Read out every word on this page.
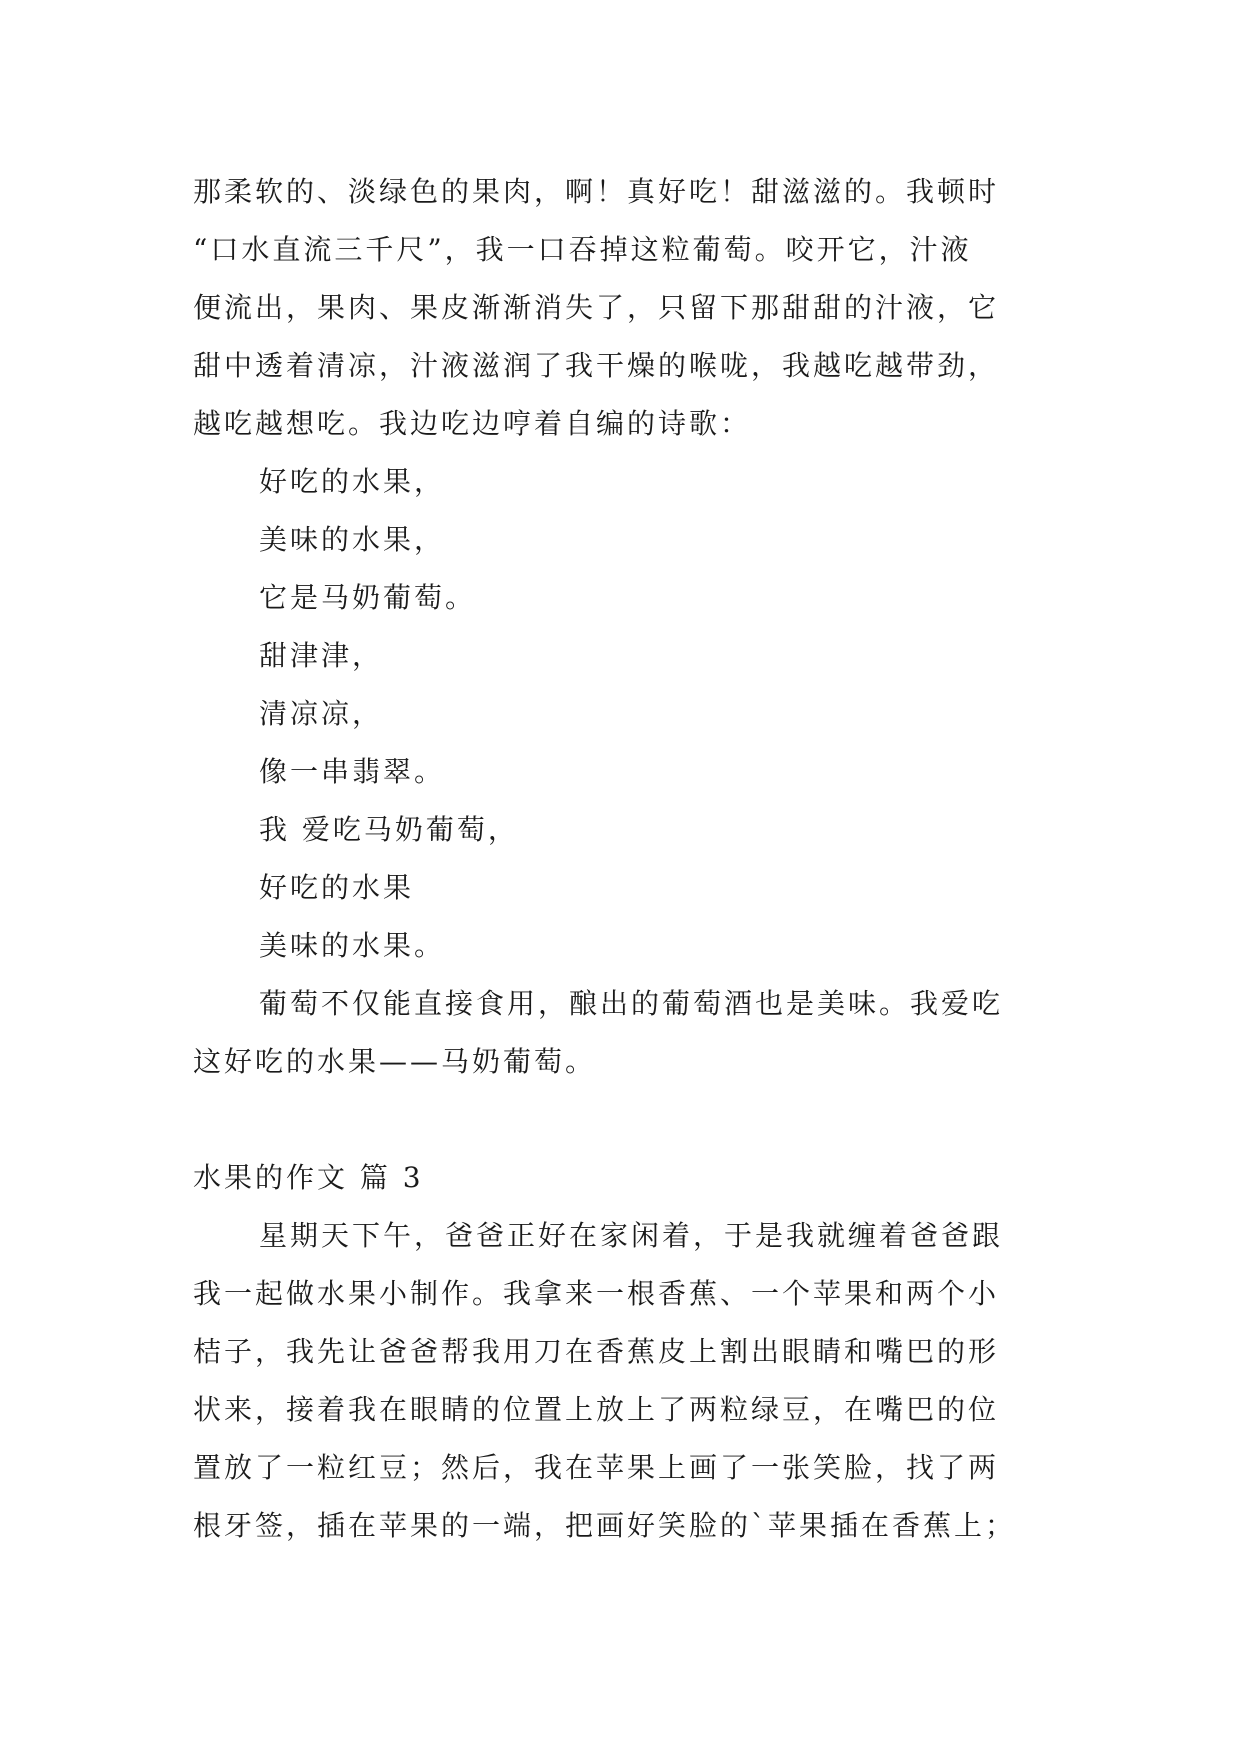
那柔软的、淡绿色的果肉，啊！真好吃！甜滋滋的。我顿时
“口水直流三千尺”，我一口吞掉这粒葡萄。咬开它，汁液
便流出，果肉、果皮渐渐消失了，只留下那甜甜的汁液，它
甜中透着清凉，汁液滋润了我干燥的喉咙，我越吃越带劲，
越吃越想吃。我边吃边哼着自编的诗歌：
好吃的水果，
美味的水果，
它是马奶葡萄。
甜津津，
清凉凉，
像一串翡翠。
我 爱吃马奶葡萄，
好吃的水果
美味的水果。
葡萄不仅能直接食用，酿出的葡萄酒也是美味。我爱吃
这好吃的水果——马奶葡萄。
水果的作文 篇 3
星期天下午，爸爸正好在家闲着，于是我就缠着爸爸跟
我一起做水果小制作。我拿来一根香蕉、一个苹果和两个小
桔子，我先让爸爸帮我用刀在香蕉皮上割出眼睛和嘴巴的形
状来，接着我在眼睛的位置上放上了两粒绿豆，在嘴巴的位
置放了一粒红豆；然后，我在苹果上画了一张笑脸，找了两
根牙签，插在苹果的一端，把画好笑脸的`苹果插在香蕉上；
